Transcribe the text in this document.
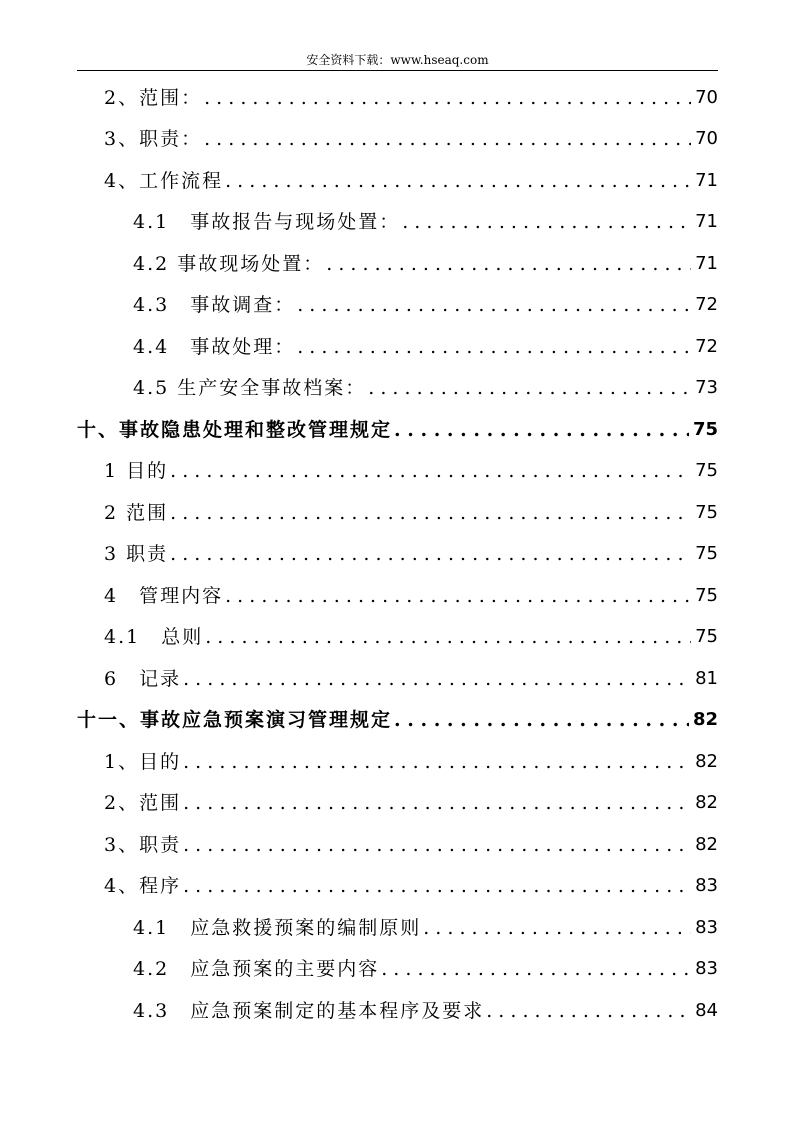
安全资料下载：www.hseaq.com
2、范围： . . .	70
3、职责： . . .	70
4、工作流程 . . .	71
4.1　事故报告与现场处置： . . .	71
4.2 事故现场处置： . . .	71
4.3　事故调查： . . .	72
4.4　事故处理： . . .	72
4.5 生产安全事故档案： . . .	73
十、事故隐患处理和整改管理规定 . . .	75
1 目的 . . .	75
2 范围 . . .	75
3 职责 . . .	75
4　管理内容 . . .	75
4.1　总则 . . .	75
6　记录 . . .	81
十一、事故应急预案演习管理规定 . . .	82
1、目的 . . .	82
2、范围 . . .	82
3、职责 . . .	82
4、程序 . . .	83
4.1　应急救援预案的编制原则 . . .	83
4.2　应急预案的主要内容 . . .	83
4.3　应急预案制定的基本程序及要求 . . .	84
